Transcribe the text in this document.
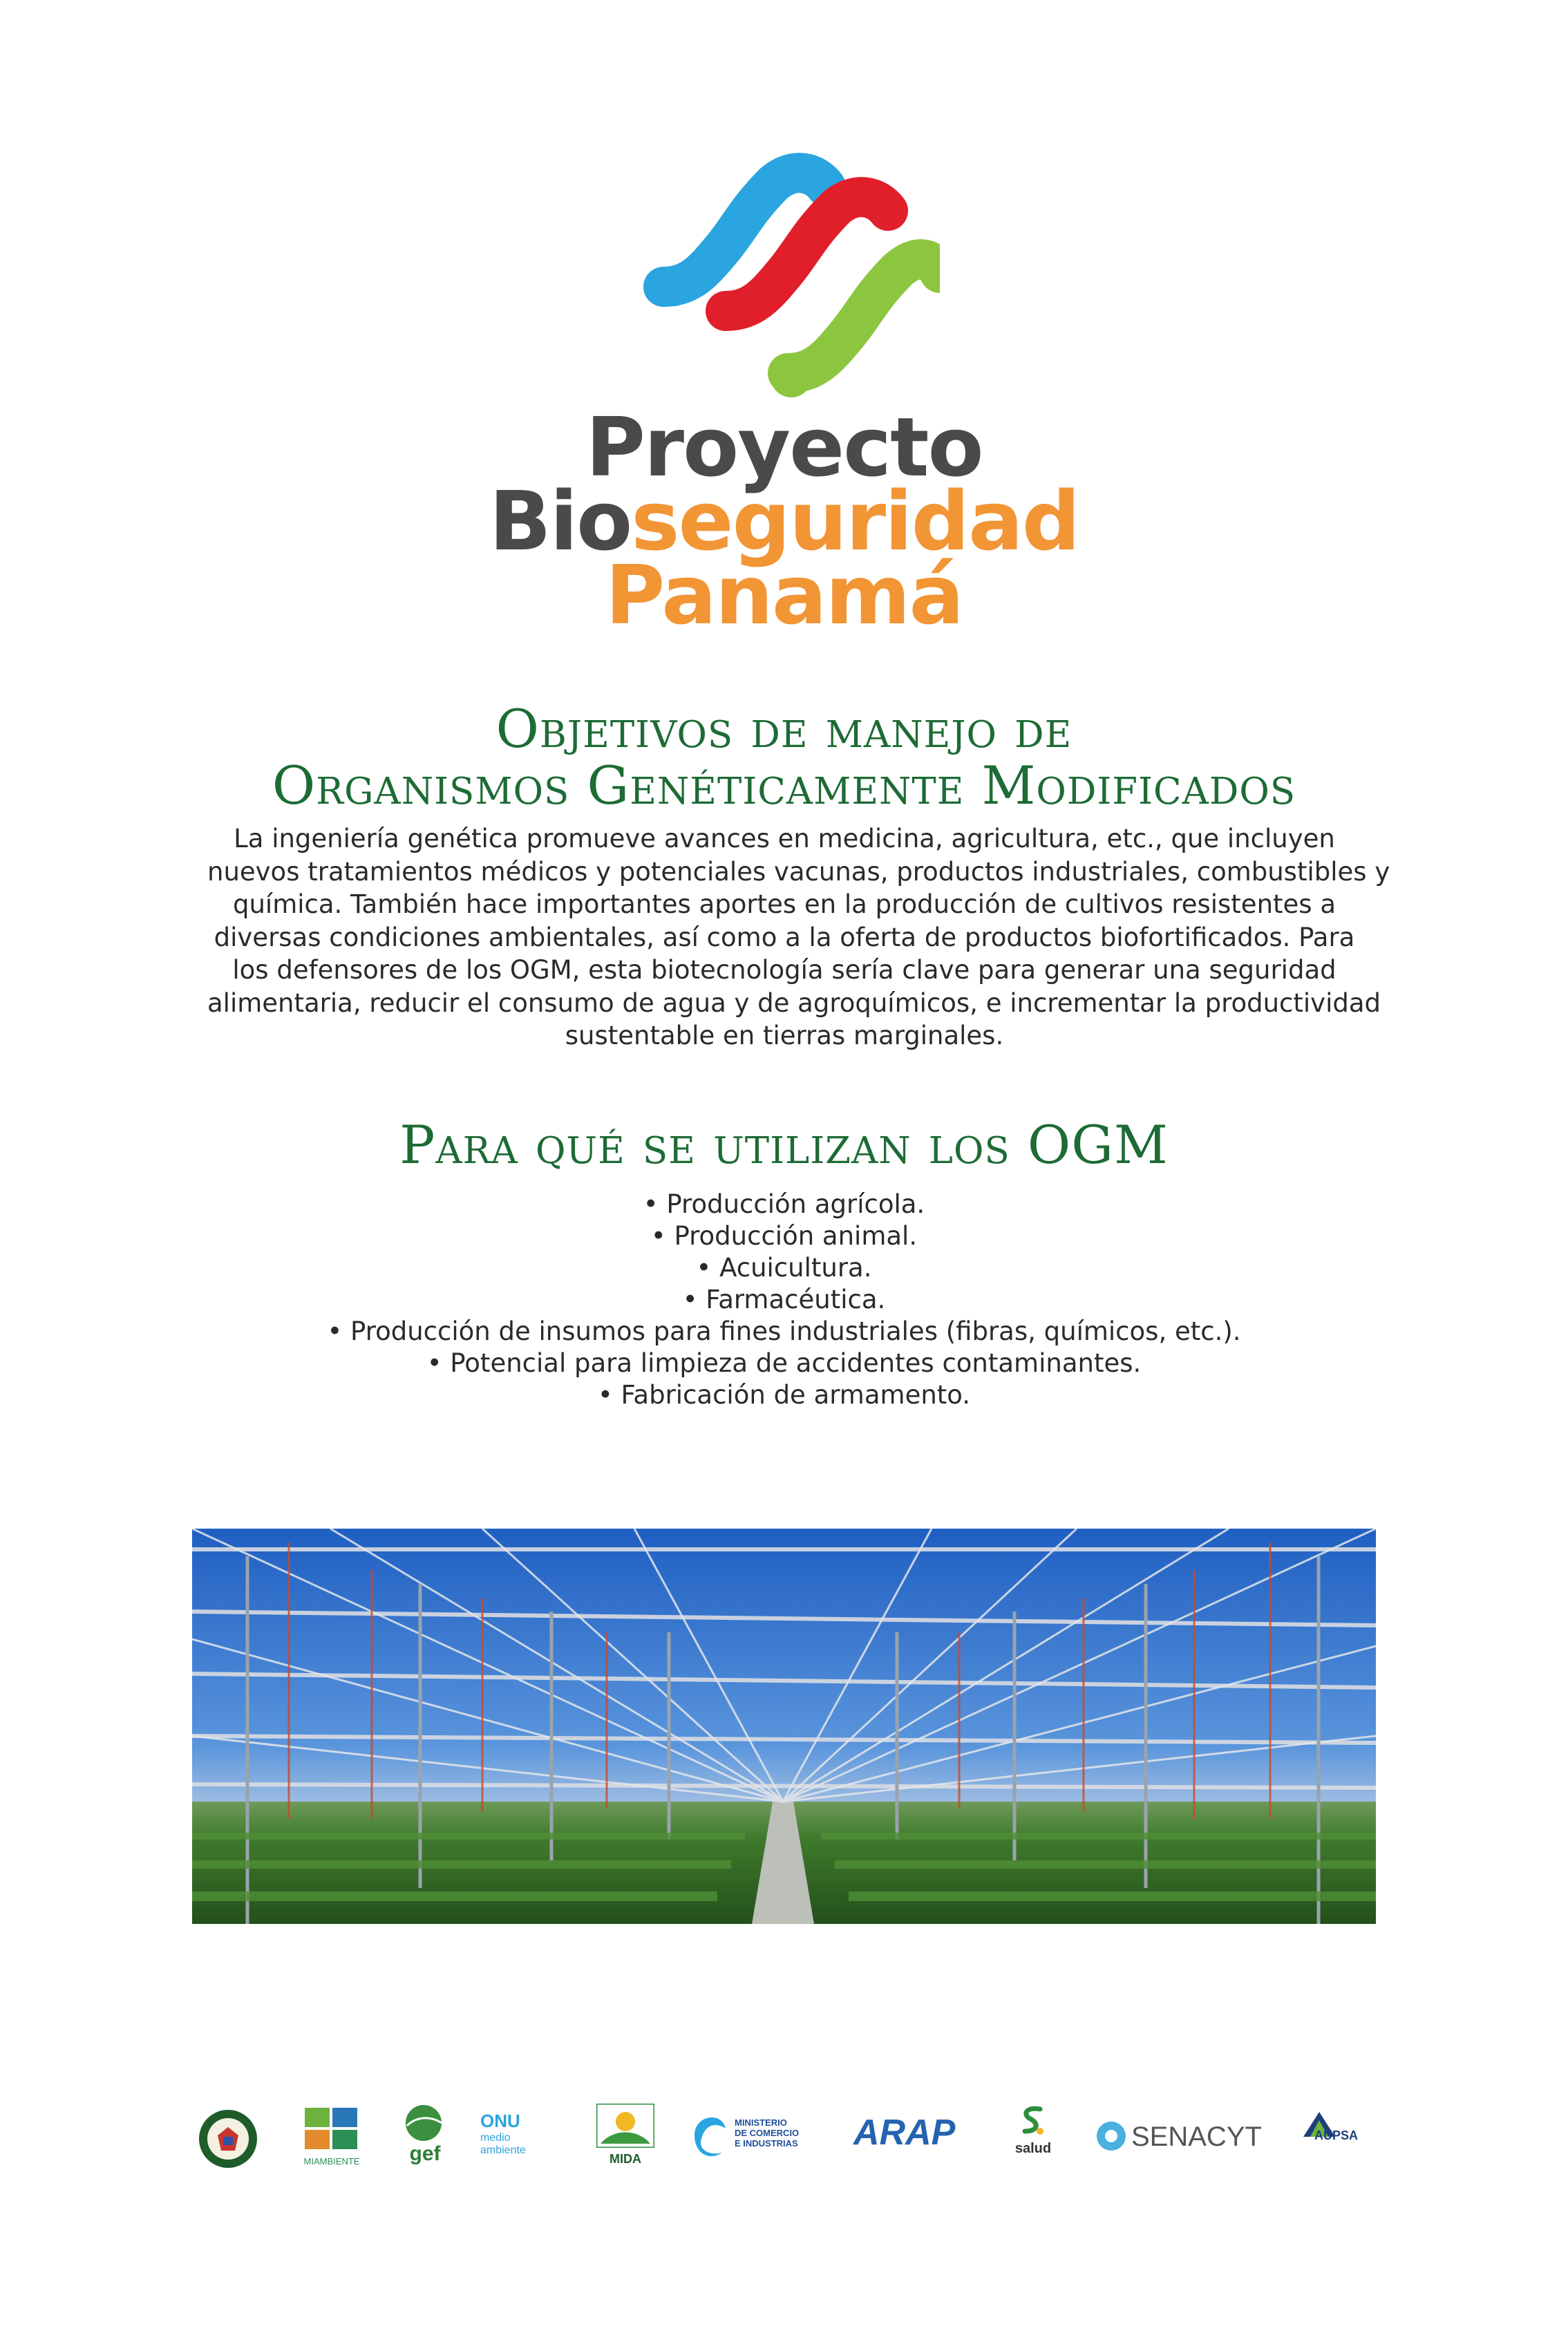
Proyecto
Bioseguridad
Panamá
Objetivos de manejo de
Organismos Genéticamente Modificados

La ingeniería genética promueve avances en medicina, agricultura, etc., que incluyen
nuevos tratamientos médicos y potenciales vacunas, productos industriales, combustibles y
química. También hace importantes aportes en la producción de cultivos resistentes a
diversas condiciones ambientales, así como a la oferta de productos biofortificados. Para
los defensores de los OGM, esta biotecnología sería clave para generar una seguridad
alimentaria, reducir el consumo de agua y de agroquímicos, e incrementar la productividad
sustentable en tierras marginales.

Para qué se utilizan los OGM
• Producción agrícola.
• Producción animal.
• Acuicultura.
• Farmacéutica.
• Producción de insumos para fines industriales (fibras, químicos, etc.).
• Potencial para limpieza de accidentes contaminantes.
• Fabricación de armamento.
MIAMBIENTE	gef
ONU
medio
ambiente
MIDA
MINISTERIO
DE COMERCIO
E INDUSTRIAS ARAP	salud	SENACYT	AUPSA
